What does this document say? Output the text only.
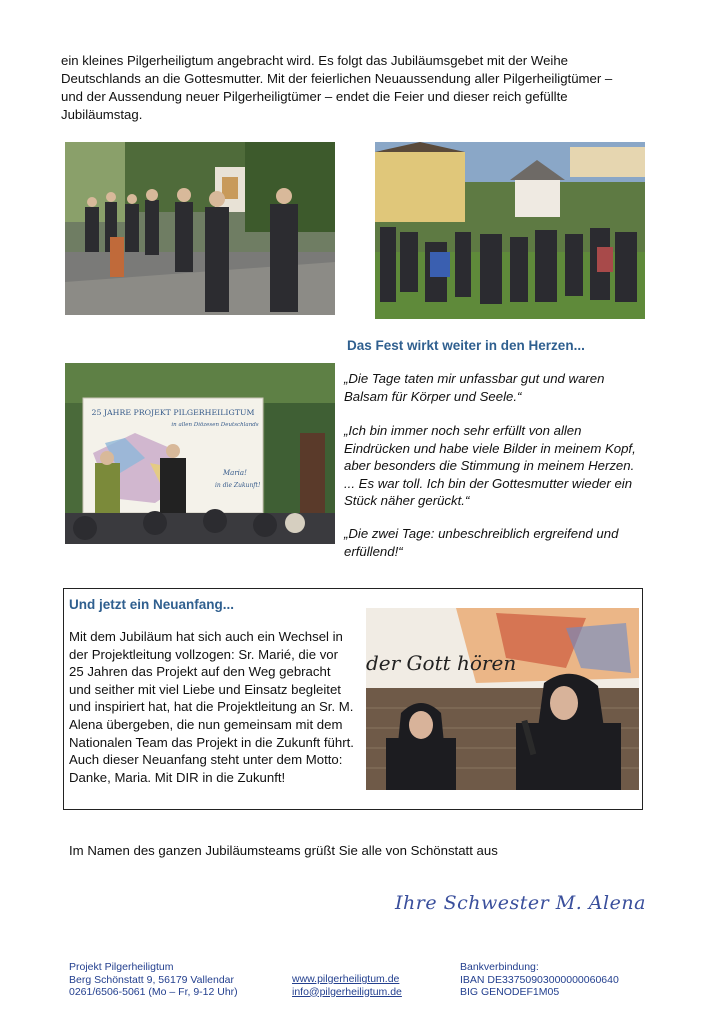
ein kleines Pilgerheiligtum angebracht wird. Es folgt das Jubiläumsgebet mit der Weihe Deutschlands an die Gottesmutter. Mit der feierlichen Neuaussendung aller Pilgerheiligtümer – und der Aussendung neuer Pilgerheiligtümer – endet die Feier und dieser reich gefüllte Jubiläumstag.

Das Fest wirkt weiter in den Herzen...
25 JAHRE PROJEKT PILGERHEILIGTUM
in allen Diözesen Deutschlands
Maria!
in die Zukunft!

„Die Tage taten mir unfassbar gut und waren Balsam für Körper und Seele.“

„Ich bin immer noch sehr erfüllt von allen Eindrücken und habe viele Bilder in meinem Kopf, aber besonders die Stimmung in meinem Herzen. ... Es war toll. Ich bin der Gottesmutter wieder ein Stück näher gerückt.“

„Die zwei Tage: unbeschreiblich ergreifend und erfüllend!“

Und jetzt ein Neuanfang...

Mit dem Jubiläum hat sich auch ein Wechsel in der Projektleitung vollzogen: Sr. Marié, die vor 25 Jahren das Projekt auf den Weg gebracht und seither mit viel Liebe und Einsatz begleitet und inspiriert hat, hat die Projektleitung an Sr. M. Alena übergeben, die nun gemeinsam mit dem Nationalen Team das Projekt in die Zukunft führt. Auch dieser Neuanfang steht unter dem Motto: Danke, Maria. Mit DIR in die Zukunft!

der Gott hören

Im Namen des ganzen Jubiläumsteams grüßt Sie alle von Schönstatt aus

Ihre Schwester M. Alena
Projekt Pilgerheiligtum
Berg Schönstatt 9, 56179 Vallendar
0261/6506-5061 (Mo – Fr, 9-12 Uhr)
www.pilgerheiligtum.de
info@pilgerheiligtum.de
Bankverbindung:
IBAN DE33750903000000060640
BIG GENODEF1M05
